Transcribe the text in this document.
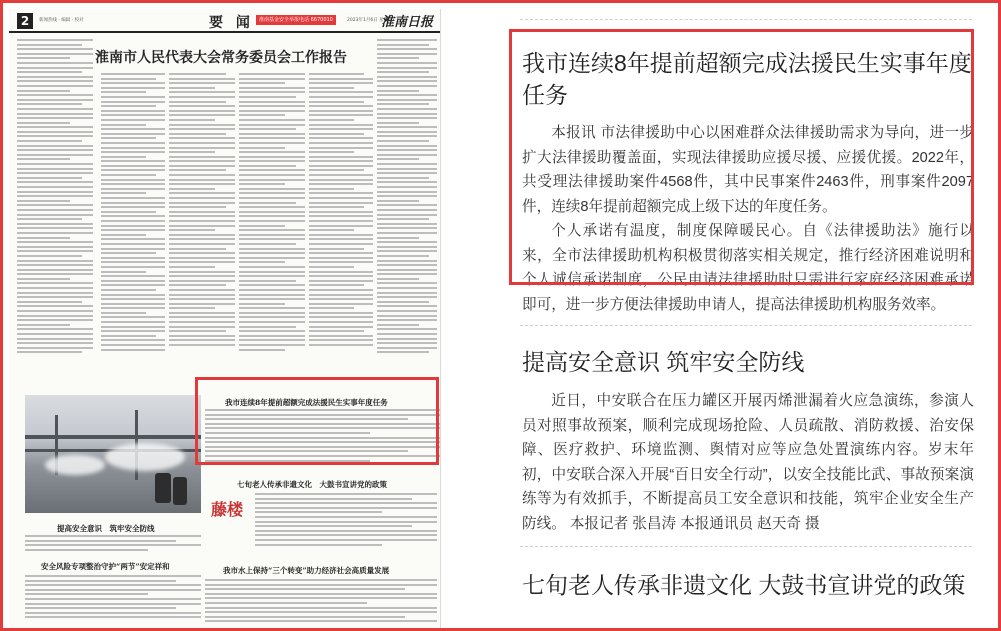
2	新闻热线 · 编辑 · 校对	要 闻	淮南基金安全举报电话 6670010	2023年1月6日 星期五
淮南日报
淮南市人民代表大会常务委员会工作报告
我市连续8年提前超额完成法援民生实事年度任务
七旬老人传承非遗文化　大鼓书宣讲党的政策
藤楼
提高安全意识　筑牢安全防线
安全风险专项整治守护“两节”安定祥和	我市水上保持“三个转变”助力经济社会高质量发展
我市连续8年提前超额完成法援民生实事年度任务

本报讯 市法律援助中心以困难群众法律援助需求为导向，进一步扩大法律援助覆盖面，实现法律援助应援尽援、应援优援。2022年，共受理法律援助案件4568件，其中民事案件2463件，刑事案件2097件，连续8年提前超额完成上级下达的年度任务。

个人承诺有温度，制度保障暖民心。自《法律援助法》施行以来，全市法律援助机构积极贯彻落实相关规定，推行经济困难说明和个人诚信承诺制度，公民申请法律援助时只需进行家庭经济困难承诺即可，进一步方便法律援助申请人，提高法律援助机构服务效率。

提高安全意识 筑牢安全防线

近日，中安联合在压力罐区开展丙烯泄漏着火应急演练，参演人员对照事故预案，顺利完成现场抢险、人员疏散、消防救援、治安保障、医疗救护、环境监测、舆情对应等应急处置演练内容。岁末年初，中安联合深入开展“百日安全行动”，以安全技能比武、事故预案演练等为有效抓手，不断提高员工安全意识和技能，筑牢企业安全生产防线。 本报记者 张昌涛 本报通讯员 赵天奇 摄

七旬老人传承非遗文化 大鼓书宣讲党的政策
